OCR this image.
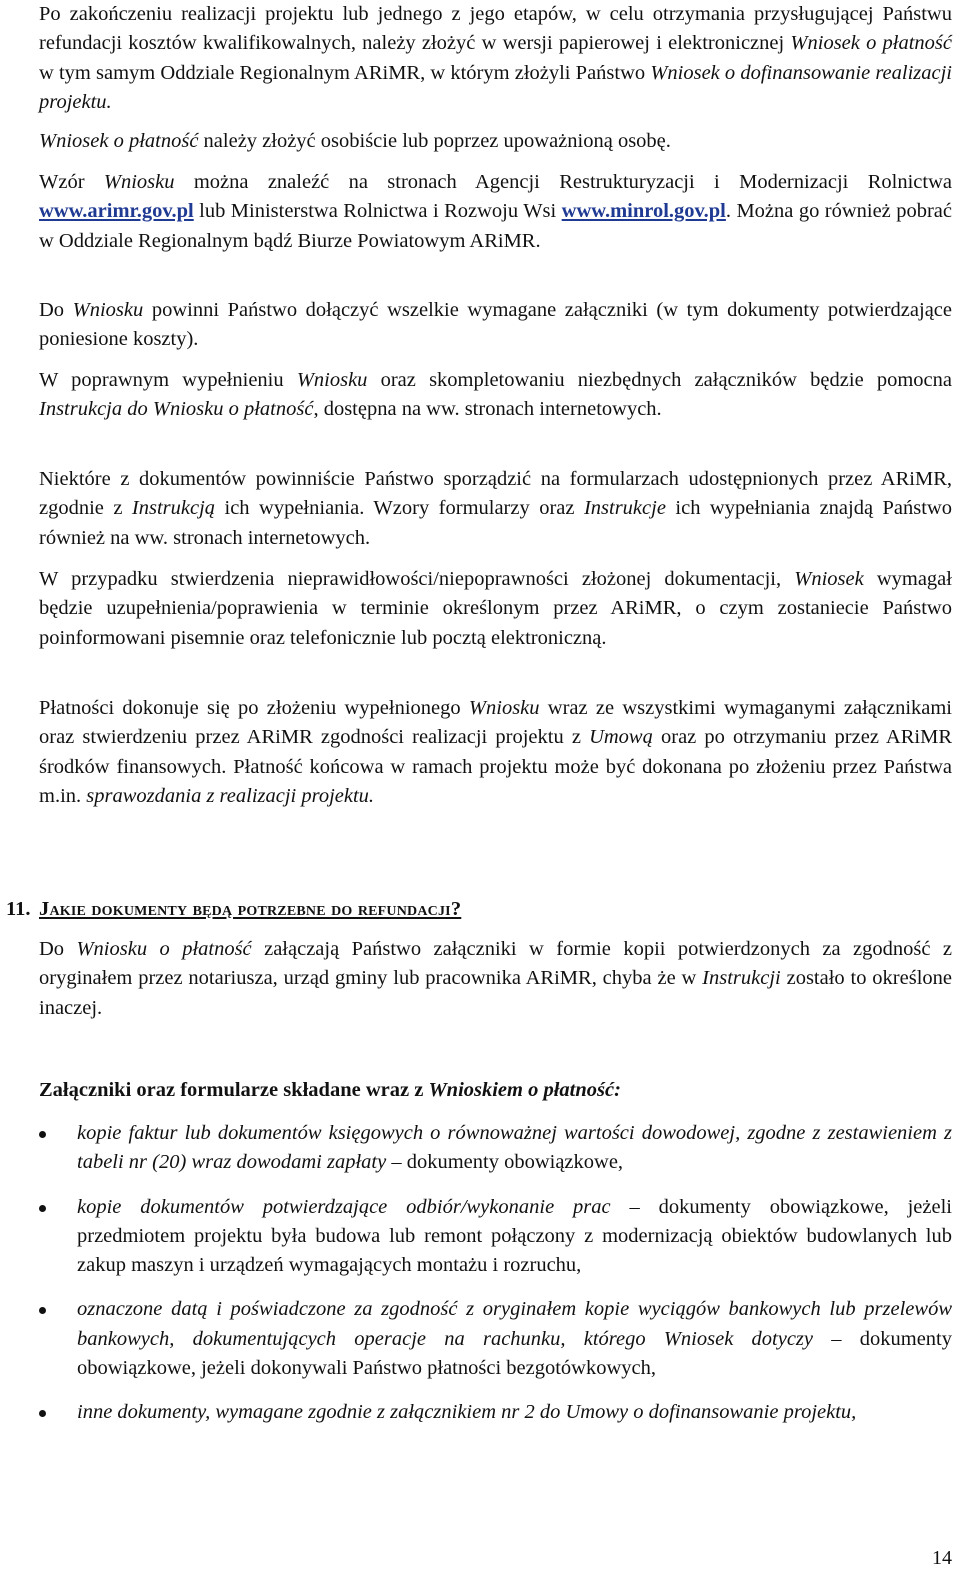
Po zakończeniu realizacji projektu lub jednego z jego etapów, w celu otrzymania przysługującej Państwu refundacji kosztów kwalifikowalnych, należy złożyć w wersji papierowej i elektronicznej Wniosek o płatność w tym samym Oddziale Regionalnym ARiMR, w którym złożyli Państwo Wniosek o dofinansowanie realizacji projektu.

Wniosek o płatność należy złożyć osobiście lub poprzez upoważnioną osobę.

Wzór Wniosku można znaleźć na stronach Agencji Restrukturyzacji i Modernizacji Rolnictwa www.arimr.gov.pl lub Ministerstwa Rolnictwa i Rozwoju Wsi www.minrol.gov.pl. Można go również pobrać w Oddziale Regionalnym bądź Biurze Powiatowym ARiMR.

Do Wniosku powinni Państwo dołączyć wszelkie wymagane załączniki (w tym dokumenty potwierdzające poniesione koszty).

W poprawnym wypełnieniu Wniosku oraz skompletowaniu niezbędnych załączników będzie pomocna Instrukcja do Wniosku o płatność, dostępna na ww. stronach internetowych.

Niektóre z dokumentów powinniście Państwo sporządzić na formularzach udostępnionych przez ARiMR, zgodnie z Instrukcją ich wypełniania. Wzory formularzy oraz Instrukcje ich wypełniania znajdą Państwo również na ww. stronach internetowych.

W przypadku stwierdzenia nieprawidłowości/niepoprawności złożonej dokumentacji, Wniosek wymagał będzie uzupełnienia/poprawienia w terminie określonym przez ARiMR, o czym zostaniecie Państwo poinformowani pisemnie oraz telefonicznie lub pocztą elektroniczną.

Płatności dokonuje się po złożeniu wypełnionego Wniosku wraz ze wszystkimi wymaganymi załącznikami oraz stwierdzeniu przez ARiMR zgodności realizacji projektu z Umową oraz po otrzymaniu przez ARiMR środków finansowych. Płatność końcowa w ramach projektu może być dokonana po złożeniu przez Państwa m.in. sprawozdania z realizacji projektu.

11. Jakie dokumenty będą potrzebne do refundacji?

Do Wniosku o płatność załączają Państwo załączniki w formie kopii potwierdzonych za zgodność z oryginałem przez notariusza, urząd gminy lub pracownika ARiMR, chyba że w Instrukcji zostało to określone inaczej.

Załączniki oraz formularze składane wraz z Wnioskiem o płatność:
kopie faktur lub dokumentów księgowych o równoważnej wartości dowodowej, zgodne z zestawieniem z tabeli nr (20) wraz dowodami zapłaty – dokumenty obowiązkowe,
kopie dokumentów potwierdzające odbiór/wykonanie prac – dokumenty obowiązkowe, jeżeli przedmiotem projektu była budowa lub remont połączony z modernizacją obiektów budowlanych lub zakup maszyn i urządzeń wymagających montażu i rozruchu,
oznaczone datą i poświadczone za zgodność z oryginałem kopie wyciągów bankowych lub przelewów bankowych, dokumentujących operacje na rachunku, którego Wniosek dotyczy – dokumenty obowiązkowe, jeżeli dokonywali Państwo płatności bezgotówkowych,
inne dokumenty, wymagane zgodnie z załącznikiem nr 2 do Umowy o dofinansowanie projektu,
14
